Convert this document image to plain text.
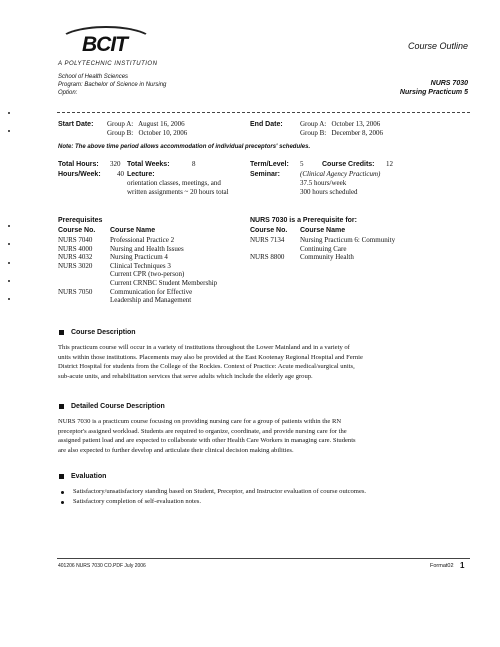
BCIT
A POLYTECHNIC INSTITUTION
Course Outline
School of Health Sciences
Program: Bachelor of Science in Nursing
Option:
NURS 7030
Nursing Practicum 5
Start Date: Group A:   August 16, 2006
Group B:   October 10, 2006
End Date: Group A:   October 13, 2006
Group B:   December 8, 2006
Note: The above time period allows accommodation of individual preceptors' schedules.
Total Hours: 320 Total Weeks:	8
Hours/Week: 40 Lecture:
orientation classes, meetings, and
written assignments ~ 20 hours total
Term/Level: 5	Course Credits: 12
Seminar:	(Clinical Agency Practicum)
37.5 hours/week
300 hours scheduled
Prerequisites
Course No. Course Name
NURS 7040	Professional Practice 2
NURS 4000	Nursing and Health Issues
NURS 4032	Nursing Practicum 4
NURS 3020	Clinical Techniques 3
Current CPR (two-person)
Current CRNBC Student Membership
NURS 7050	Communication for Effective
Leadership and Management
NURS 7030 is a Prerequisite for:
Course No. Course Name
NURS 7134 Nursing Practicum 6: Community
Continuing Care
NURS 8800 Community Health
Course Description
This practicum course will occur in a variety of institutions throughout the Lower Mainland and in a variety of
units within those institutions. Placements may also be provided at the East Kootenay Regional Hospital and Fernie
District Hospital for students from the College of the Rockies. Context of Practice: Acute medical/surgical units,
sub-acute units, and rehabilitation services that serve adults which include the elderly age group.
Detailed Course Description
NURS 7030 is a practicum course focusing on providing nursing care for a group of patients within the RN
preceptor's assigned workload. Students are required to organize, coordinate, and provide nursing care for the
assigned patient load and are expected to collaborate with other Health Care Workers in managing care. Students
are also expected to further develop and articulate their clinical decision making abilities.
Evaluation
Satisfactory/unsatisfactory standing based on Student, Preceptor, and Instructor evaluation of course outcomes.
Satisfactory completion of self-evaluation notes.
401206 NURS 7030 CO.PDF July 2006	Format02 1
